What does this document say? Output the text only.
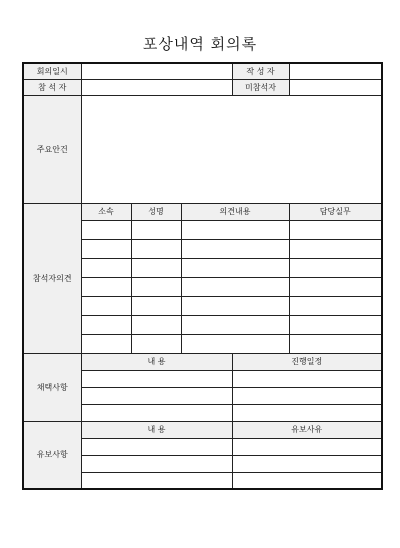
포상내역 회의록
회의일시				작 성 자	
참 석 자				미참석자	
주요안건					
참석자의견	소속	성명	의견내용		담당실무

채택사항	내 용			진행일정	

유보사항	내 용			유보사유	
